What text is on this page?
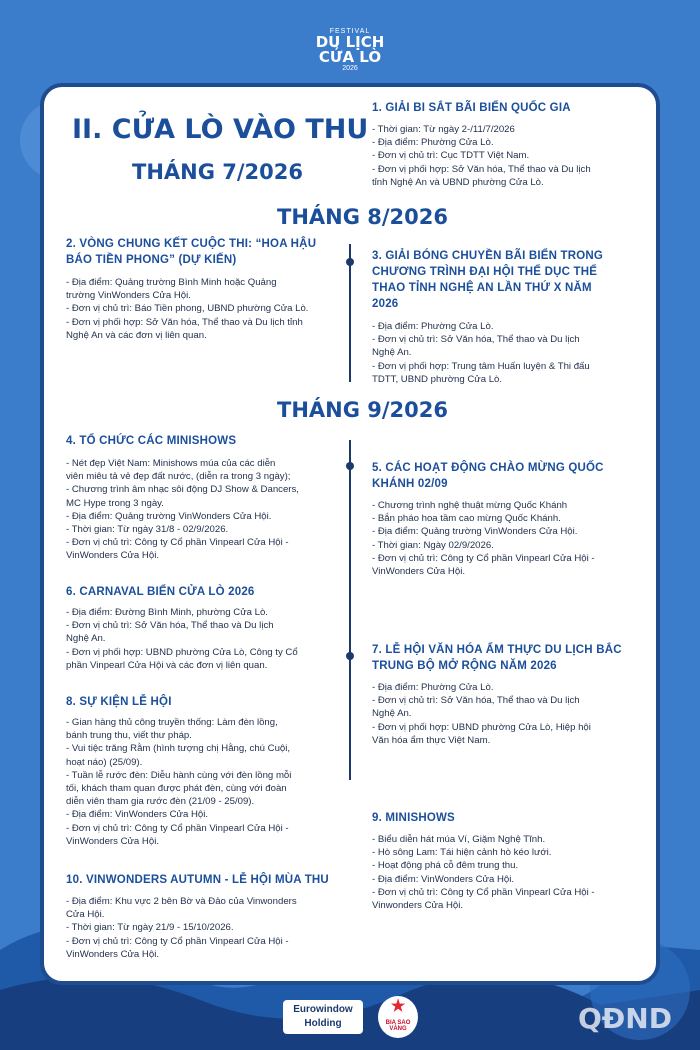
FESTIVAL
DU LỊCH
CỬA LÒ
2026
II. CỬA LÒ VÀO THU
THÁNG 7/2026
THÁNG 8/2026
THÁNG 9/2026
1. GIẢI BI SẮT BÃI BIỂN QUỐC GIA
- Thời gian: Từ ngày 2-/11/7/2026
- Địa điểm: Phường Cửa Lò.
- Đơn vị chủ trì: Cục TDTT Việt Nam.
- Đơn vị phối hợp: Sở Văn hóa, Thể thao và Du lịch
tỉnh Nghệ An và UBND phường Cửa Lò.
2. VÒNG CHUNG KẾT CUỘC THI: “HOA HẬU
BÁO TIỀN PHONG” (DỰ KIẾN)
- Địa điểm: Quảng trường Bình Minh hoặc Quảng
trường VinWonders Cửa Hội.
- Đơn vị chủ trì: Báo Tiền phong, UBND phường Cửa Lò.
- Đơn vị phối hợp: Sở Văn hóa, Thể thao và Du lịch tỉnh
Nghệ An và các đơn vị liên quan.
3. GIẢI BÓNG CHUYỀN BÃI BIỂN TRONG
CHƯƠNG TRÌNH ĐẠI HỘI THỂ DỤC THỂ
THAO TỈNH NGHỆ AN LẦN THỨ X NĂM
2026
- Địa điểm: Phường Cửa Lò.
- Đơn vị chủ trì: Sở Văn hóa, Thể thao và Du lịch
Nghệ An.
- Đơn vị phối hợp: Trung tâm Huấn luyện & Thi đấu
TDTT, UBND phường Cửa Lò.
4. TỔ CHỨC CÁC MINISHOWS
- Nét đẹp Việt Nam: Minishows múa của các diễn
viên miêu tả vẻ đẹp đất nước, (diễn ra trong 3 ngày);
- Chương trình âm nhạc sôi động DJ Show & Dancers,
MC Hype trong 3 ngày.
- Địa điểm: Quảng trường VinWonders Cửa Hội.
- Thời gian: Từ ngày 31/8 - 02/9/2026.
- Đơn vị chủ trì: Công ty Cổ phần Vinpearl Cửa Hội -
VinWonders Cửa Hội.
5. CÁC HOẠT ĐỘNG CHÀO MỪNG QUỐC
KHÁNH 02/09
- Chương trình nghệ thuật mừng Quốc Khánh
- Bắn pháo hoa tầm cao mừng Quốc Khánh.
- Địa điểm: Quảng trường VinWonders Cửa Hội.
- Thời gian: Ngày 02/9/2026.
- Đơn vị chủ trì: Công ty Cổ phần Vinpearl Cửa Hội -
VinWonders Cửa Hội.
6. CARNAVAL BIỂN CỬA LÒ 2026
- Địa điểm: Đường Bình Minh, phường Cửa Lò.
- Đơn vị chủ trì: Sở Văn hóa, Thể thao và Du lịch
Nghệ An.
- Đơn vị phối hợp: UBND phường Cửa Lò, Công ty Cổ
phần Vinpearl Cửa Hội và các đơn vị liên quan.
7. LỄ HỘI VĂN HÓA ẨM THỰC DU LỊCH BẮC
TRUNG BỘ MỞ RỘNG NĂM 2026
- Địa điểm: Phường Cửa Lò.
- Đơn vị chủ trì: Sở Văn hóa, Thể thao và Du lịch
Nghệ An.
- Đơn vị phối hợp: UBND phường Cửa Lò, Hiệp hội
Văn hóa ẩm thực Việt Nam.
8. SỰ KIỆN LỄ HỘI
- Gian hàng thủ công truyền thống: Làm đèn lồng,
bánh trung thu, viết thư pháp.
- Vui tiệc trăng Rằm (hình tượng chị Hằng, chú Cuội,
hoạt náo) (25/09).
- Tuần lễ rước đèn: Diễu hành cùng với đèn lồng mỗi
tối, khách tham quan được phát đèn, cùng với đoàn
diễn viên tham gia rước đèn (21/09 - 25/09).
- Địa điểm: VinWonders Cửa Hội.
- Đơn vị chủ trì: Công ty Cổ phần Vinpearl Cửa Hội -
VinWonders Cửa Hội.
9. MINISHOWS
- Biểu diễn hát múa Ví, Giặm Nghệ Tĩnh.
- Hò sông Lam: Tái hiện cảnh hò kéo lưới.
- Hoạt động phá cỗ đêm trung thu.
- Địa điểm: VinWonders Cửa Hội.
- Đơn vị chủ trì: Công ty Cổ phần Vinpearl Cửa Hội -
Vinwonders Cửa Hội.
10. VINWONDERS AUTUMN - LỄ HỘI MÙA THU
- Địa điểm: Khu vực 2 bên Bờ và Đảo của Vinwonders
Cửa Hội.
- Thời gian: Từ ngày 21/9 - 15/10/2026.
- Đơn vị chủ trì: Công ty Cổ phần Vinpearl Cửa Hội -
VinWonders Cửa Hội.
Eurowindow
Holding
★
BIA SAO VÀNG	QĐND
